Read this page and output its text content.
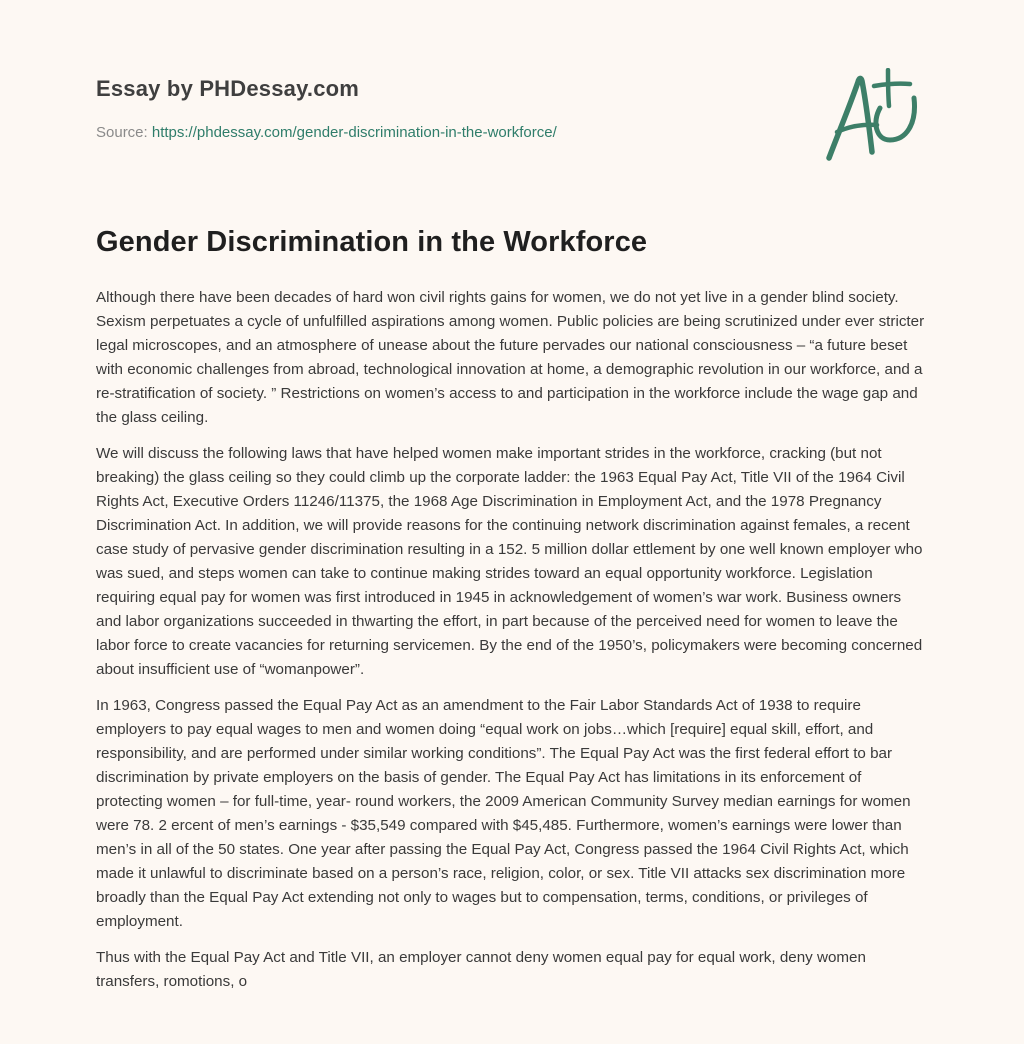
Essay by PHDessay.com
Source: https://phdessay.com/gender-discrimination-in-the-workforce/
Gender Discrimination in the Workforce

Although there have been decades of hard won civil rights gains for women, we do not yet live in a gender blind society. Sexism perpetuates a cycle of unfulfilled aspirations among women. Public policies are being scrutinized under ever stricter legal microscopes, and an atmosphere of unease about the future pervades our national consciousness – “a future beset with economic challenges from abroad, technological innovation at home, a demographic revolution in our workforce, and a re-stratification of society. ” Restrictions on women’s access to and participation in the workforce include the wage gap and the glass ceiling.

We will discuss the following laws that have helped women make important strides in the workforce, cracking (but not breaking) the glass ceiling so they could climb up the corporate ladder: the 1963 Equal Pay Act, Title VII of the 1964 Civil Rights Act, Executive Orders 11246/11375, the 1968 Age Discrimination in Employment Act, and the 1978 Pregnancy Discrimination Act. In addition, we will provide reasons for the continuing network discrimination against females, a recent case study of pervasive gender discrimination resulting in a 152. 5 million dollar ettlement by one well known employer who was sued, and steps women can take to continue making strides toward an equal opportunity workforce. Legislation requiring equal pay for women was first introduced in 1945 in acknowledgement of women’s war work. Business owners and labor organizations succeeded in thwarting the effort, in part because of the perceived need for women to leave the labor force to create vacancies for returning servicemen. By the end of the 1950’s, policymakers were becoming concerned about insufficient use of “womanpower”.

In 1963, Congress passed the Equal Pay Act as an amendment to the Fair Labor Standards Act of 1938 to require employers to pay equal wages to men and women doing “equal work on jobs…which [require] equal skill, effort, and responsibility, and are performed under similar working conditions”. The Equal Pay Act was the first federal effort to bar discrimination by private employers on the basis of gender. The Equal Pay Act has limitations in its enforcement of protecting women – for full-time, year- round workers, the 2009 American Community Survey median earnings for women were 78. 2 ercent of men’s earnings - $35,549 compared with $45,485. Furthermore, women’s earnings were lower than men’s in all of the 50 states. One year after passing the Equal Pay Act, Congress passed the 1964 Civil Rights Act, which made it unlawful to discriminate based on a person’s race, religion, color, or sex. Title VII attacks sex discrimination more broadly than the Equal Pay Act extending not only to wages but to compensation, terms, conditions, or privileges of employment.

Thus with the Equal Pay Act and Title VII, an employer cannot deny women equal pay for equal work, deny women transfers, romotions, o
